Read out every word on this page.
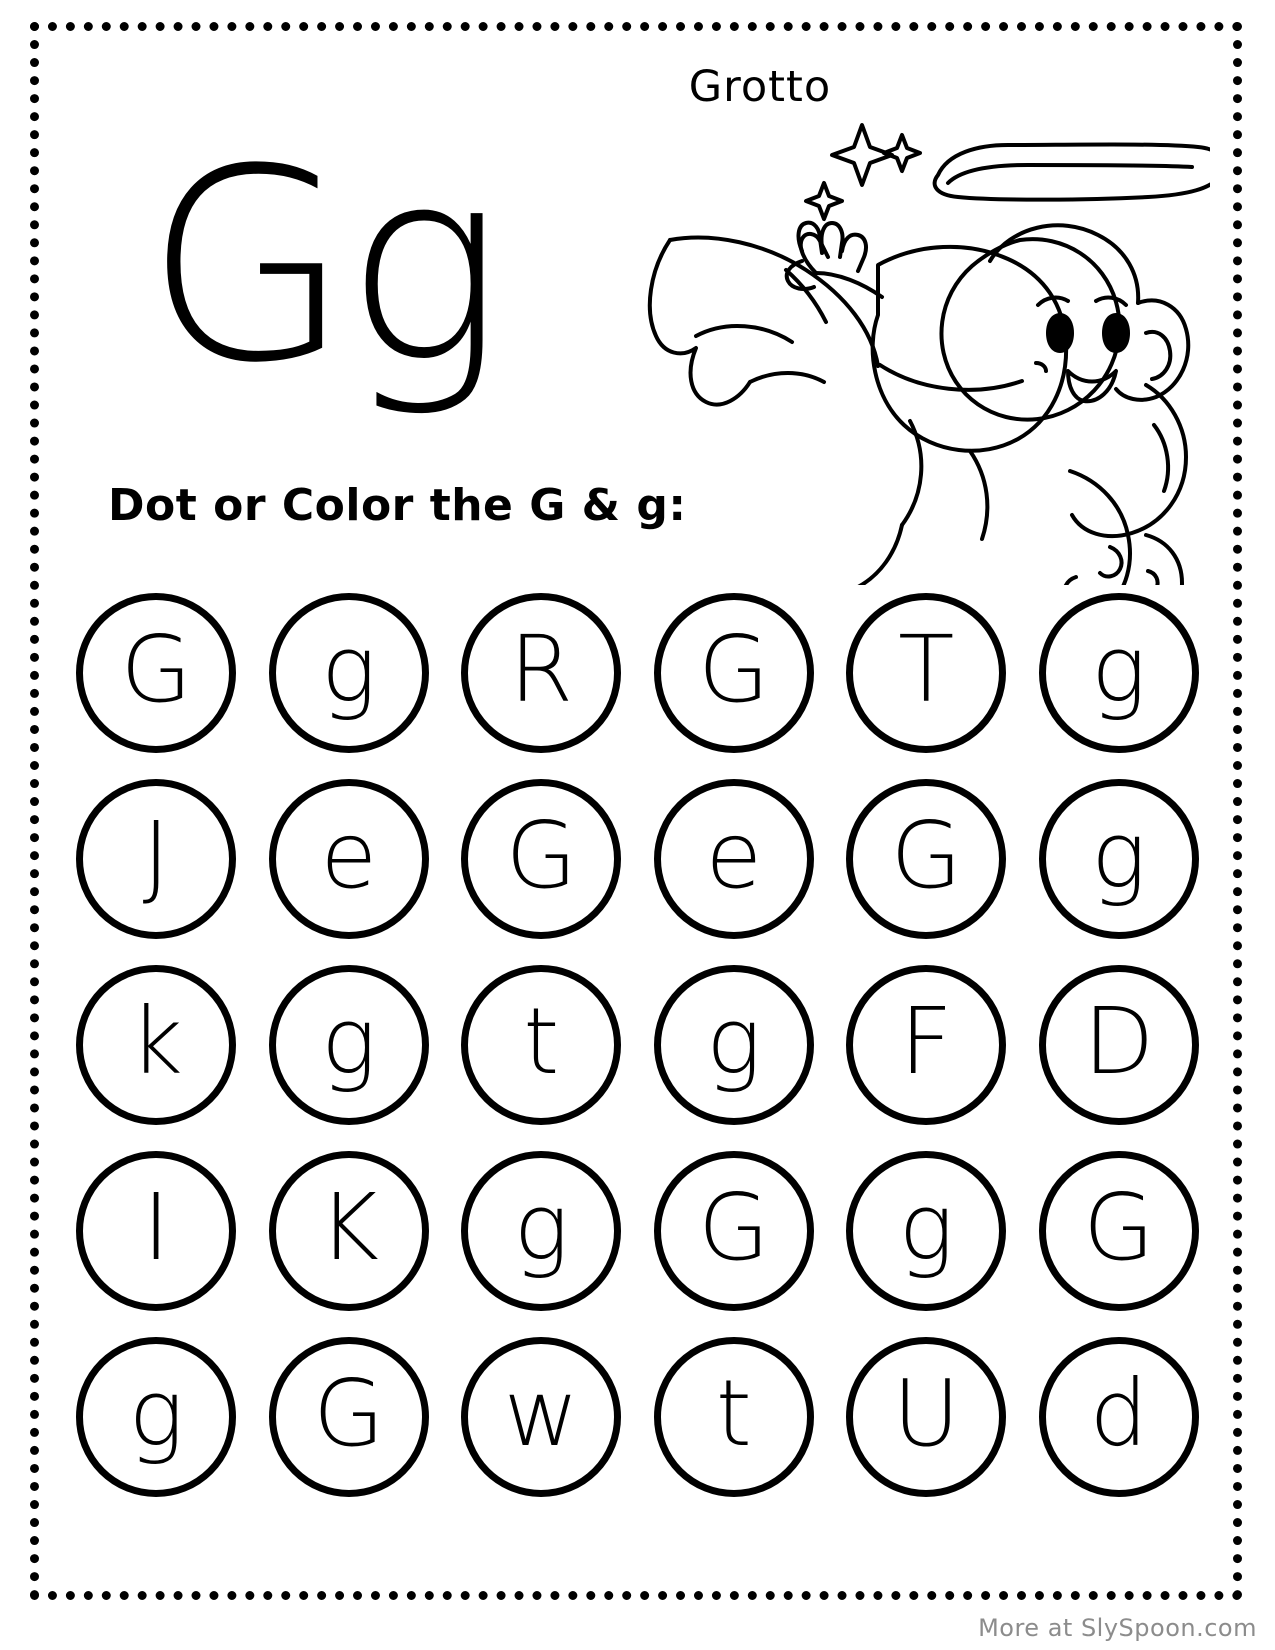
Grotto
Gg
Dot or Color the G & g:
G g R G T g
J e G e G g
k g t g F D
I K g G g G
g G w t U d
More at SlySpoon.com
